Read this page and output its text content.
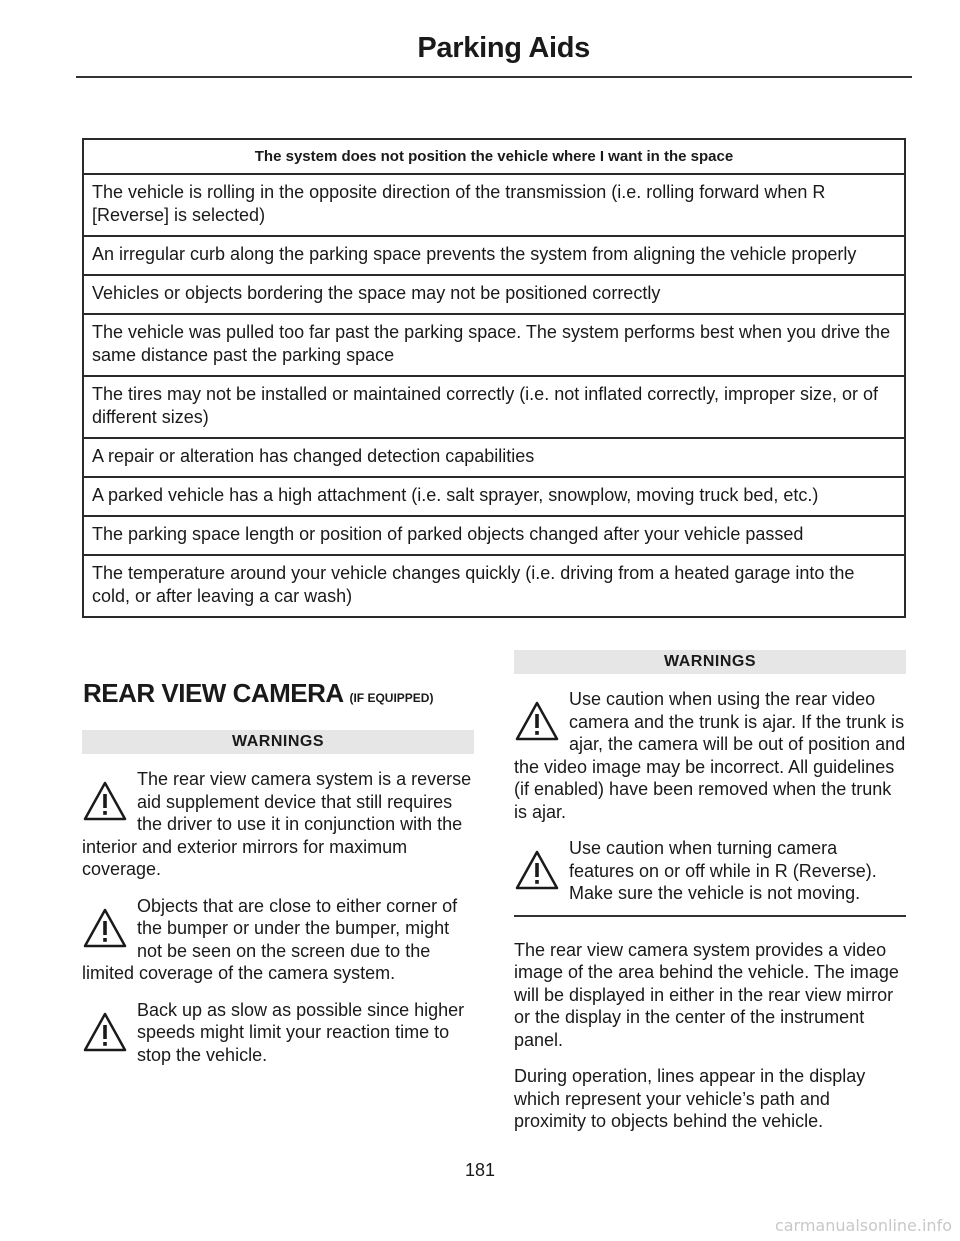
Parking Aids
The system does not position the vehicle where I want in the space
The vehicle is rolling in the opposite direction of the transmission (i.e. rolling forward when R [Reverse] is selected)
An irregular curb along the parking space prevents the system from aligning the vehicle properly
Vehicles or objects bordering the space may not be positioned correctly
The vehicle was pulled too far past the parking space. The system performs best when you drive the same distance past the parking space
The tires may not be installed or maintained correctly (i.e. not inflated correctly, improper size, or of different sizes)
A repair or alteration has changed detection capabilities
A parked vehicle has a high attachment (i.e. salt sprayer, snowplow, moving truck bed, etc.)
The parking space length or position of parked objects changed after your vehicle passed
The temperature around your vehicle changes quickly (i.e. driving from a heated garage into the cold, or after leaving a car wash)
REAR VIEW CAMERA (IF EQUIPPED)
WARNINGS
The rear view camera system is a reverse aid supplement device that still requires the driver to use it in conjunction with the interior and exterior mirrors for maximum coverage.
Objects that are close to either corner of the bumper or under the bumper, might not be seen on the screen due to the limited coverage of the camera system.
Back up as slow as possible since higher speeds might limit your reaction time to stop the vehicle.
WARNINGS
Use caution when using the rear video camera and the trunk is ajar. If the trunk is ajar, the camera will be out of position and the video image may be incorrect. All guidelines (if enabled) have been removed when the trunk is ajar.
Use caution when turning camera features on or off while in R (Reverse). Make sure the vehicle is not moving.
The rear view camera system provides a video image of the area behind the vehicle. The image will be displayed in either in the rear view mirror or the display in the center of the instrument panel.
During operation, lines appear in the display which represent your vehicle’s path and proximity to objects behind the vehicle.
181
carmanualsonline.info
